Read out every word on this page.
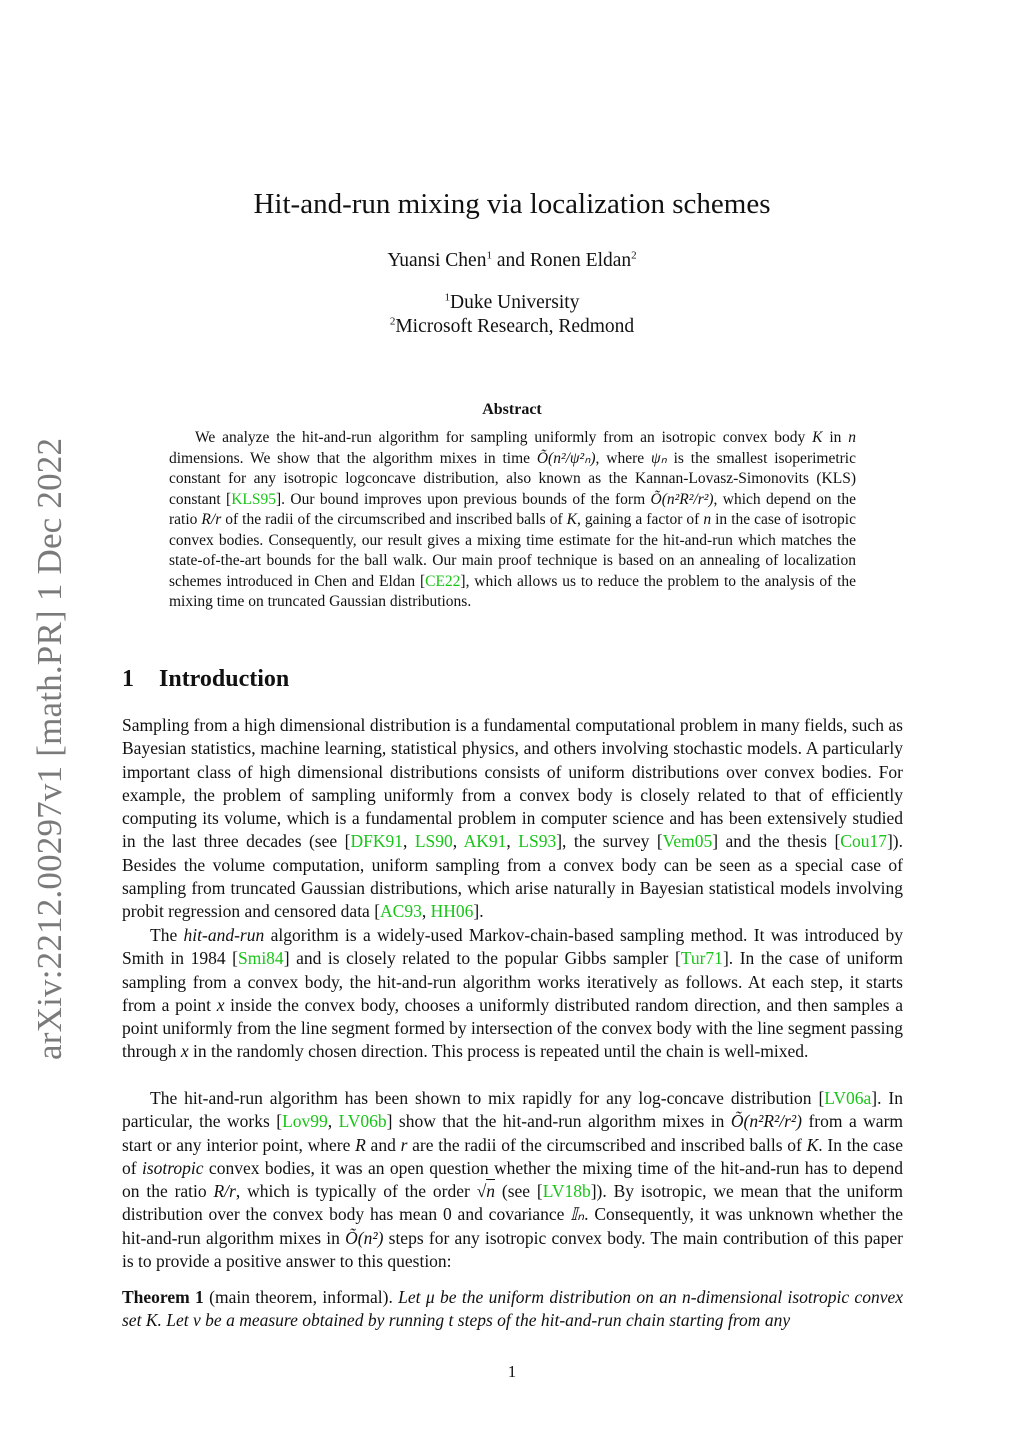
arXiv:2212.00297v1 [math.PR] 1 Dec 2022
Hit-and-run mixing via localization schemes
Yuansi Chen$^1$ and Ronen Eldan$^2$
$^1$Duke University
$^2$Microsoft Research, Redmond
Abstract

We analyze the hit-and-run algorithm for sampling uniformly from an isotropic convex body K in n dimensions. We show that the algorithm mixes in time Õ(n²/ψ²ₙ), where ψₙ is the smallest isoperimetric constant for any isotropic logconcave distribution, also known as the Kannan-Lovasz-Simonovits (KLS) constant [KLS95]. Our bound improves upon previous bounds of the form Õ(n²R²/r²), which depend on the ratio R/r of the radii of the circumscribed and inscribed balls of K, gaining a factor of n in the case of isotropic convex bodies. Consequently, our result gives a mixing time estimate for the hit-and-run which matches the state-of-the-art bounds for the ball walk. Our main proof technique is based on an annealing of localization schemes introduced in Chen and Eldan [CE22], which allows us to reduce the problem to the analysis of the mixing time on truncated Gaussian distributions.

1 Introduction

Sampling from a high dimensional distribution is a fundamental computational problem in many fields, such as Bayesian statistics, machine learning, statistical physics, and others involving stochastic models. A particularly important class of high dimensional distributions consists of uniform distributions over convex bodies. For example, the problem of sampling uniformly from a convex body is closely related to that of efficiently computing its volume, which is a fundamental problem in computer science and has been extensively studied in the last three decades (see [DFK91, LS90, AK91, LS93], the survey [Vem05] and the thesis [Cou17]). Besides the volume computation, uniform sampling from a convex body can be seen as a special case of sampling from truncated Gaussian distributions, which arise naturally in Bayesian statistical models involving probit regression and censored data [AC93, HH06].

The hit-and-run algorithm is a widely-used Markov-chain-based sampling method. It was introduced by Smith in 1984 [Smi84] and is closely related to the popular Gibbs sampler [Tur71]. In the case of uniform sampling from a convex body, the hit-and-run algorithm works iteratively as follows. At each step, it starts from a point x inside the convex body, chooses a uniformly distributed random direction, and then samples a point uniformly from the line segment formed by intersection of the convex body with the line segment passing through x in the randomly chosen direction. This process is repeated until the chain is well-mixed.

The hit-and-run algorithm has been shown to mix rapidly for any log-concave distribution [LV06a]. In particular, the works [Lov99, LV06b] show that the hit-and-run algorithm mixes in Õ(n²R²/r²) from a warm start or any interior point, where R and r are the radii of the circumscribed and inscribed balls of K. In the case of isotropic convex bodies, it was an open question whether the mixing time of the hit-and-run has to depend on the ratio R/r, which is typically of the order √n (see [LV18b]). By isotropic, we mean that the uniform distribution over the convex body has mean 0 and covariance 𝕀ₙ. Consequently, it was unknown whether the hit-and-run algorithm mixes in Õ(n²) steps for any isotropic convex body. The main contribution of this paper is to provide a positive answer to this question:

Theorem 1 (main theorem, informal). Let μ be the uniform distribution on an n-dimensional isotropic convex set K. Let ν be a measure obtained by running t steps of the hit-and-run chain starting from any

1
